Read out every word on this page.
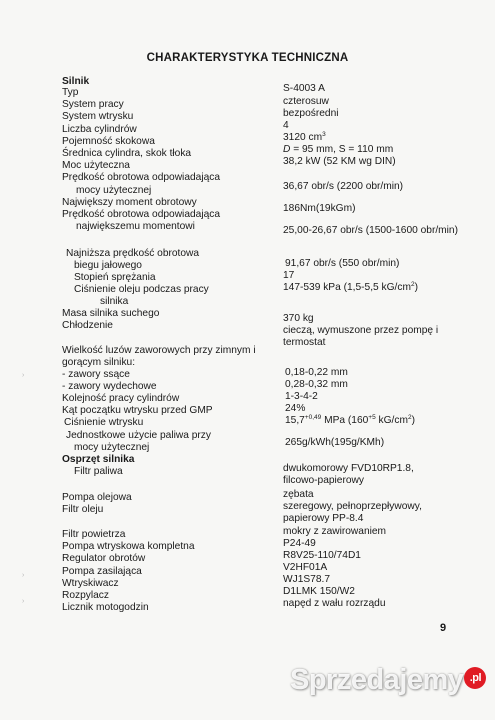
CHARAKTERYSTYKA TECHNICZNA
Silnik
Typ	S-4003 A
System pracy	czterosuw
System wtrysku	bezpośredni
Liczba cylindrów	4
Pojemność skokowa	3120 $cm^3$
Średnica cylindra, skok tłoka	D = 95 mm, S = 110 mm
Moc użyteczna	38,2 kW (52 KM wg DIN)
Prędkość obrotowa odpowiadająca
mocy użytecznej	36,67 obr/s (2200 obr/min)
Największy moment obrotowy
186Nm(19kGm)
Prędkość obrotowa odpowiadająca
największemu momentowi	25,00-26,67 obr/s (1500-1600 obr/min)
Najniższa prędkość obrotowa
biegu jałowego	91,67 obr/s (550 obr/min)
Stopień sprężania	17
Ciśnienie oleju podczas pracy	147-539 kPa (1,5-5,5 $kG/cm^2$)
silnika
Masa silnika suchego	370 kg
Chłodzenie	cieczą, wymuszone przez pompę i termostat
Wielkość luzów zaworowych przy zimnym i
gorącym silniku:
- zawory ssące	0,18-0,22 mm
- zawory wydechowe	0,28-0,32 mm
Kolejność pracy cylindrów	1-3-4-2
Kąt początku wtrysku przed GMP	24%
Ciśnienie wtrysku	$15,7^{+0,49}$ MPa ($160^{+5}$ $kG/cm^2$)
Jednostkowe użycie paliwa przy
mocy użytecznej	265g/kWh(195g/KMh)
Osprzęt silnika
Filtr paliwa	dwukomorowy FVD10RP1.8, filcowo-papierowy
Pompa olejowa	zębata
Filtr oleju	szeregowy, pełnoprzepływowy, papierowy PP-8.4
Filtr powietrza	mokry z zawirowaniem
Pompa wtryskowa kompletna	P24-49
Regulator obrotów	R8V25-110/74D1
Pompa zasilająca	V2HF01A
Wtryskiwacz	WJ1S78.7
Rozpylacz	D1LMK 150/W2
Licznik motogodzin	napęd z wału rozrządu
9
›
›
›
Sprzedajemy .pl
